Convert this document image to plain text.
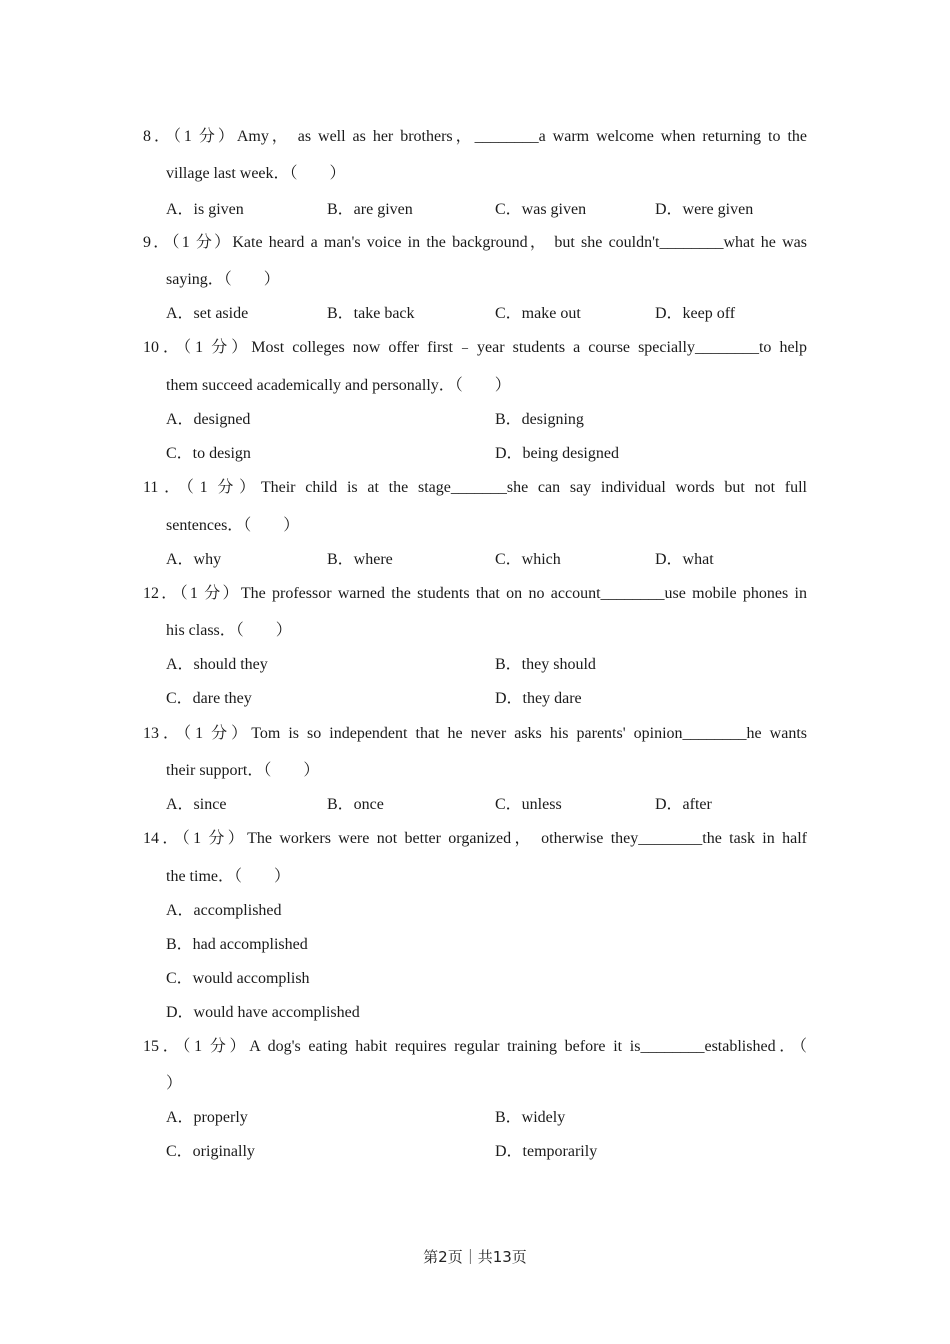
8．（1 分）Amy， as well as her brothers，________a warm welcome when returning to the
village last week．（　　）
A．is given	B．are given	C．was given	D．were given
9．（1 分）Kate heard a man's voice in the background， but she couldn't________what he was
saying．（　　）
A．set aside	B．take back	C．make out	D．keep off
10．（1 分）Most colleges now offer first﹣year students a course specially________to help
them succeed academically and personally．（　　）
A．designed	B．designing
C．to design	D．being designed
11．（1 分）Their child is at the stage_______she can say individual words but not full
sentences．（　　）
A．why	B．where	C．which	D．what
12．（1 分）The professor warned the students that on no account________use mobile phones in
his class．（　　）
A．should they	B．they should
C．dare they	D．they dare
13．（1 分）Tom is so independent that he never asks his parents' opinion________he wants
their support．（　　）
A．since	B．once	C．unless	D．after
14．（1 分）The workers were not better organized， otherwise they________the task in half
the time．（　　）
A．accomplished
B．had accomplished
C．would accomplish
D．would have accomplished
15．（1 分）A dog's eating habit requires regular training before it is________established．（
）
A．properly	B．widely
C．originally	D．temporarily
第2页｜共13页
